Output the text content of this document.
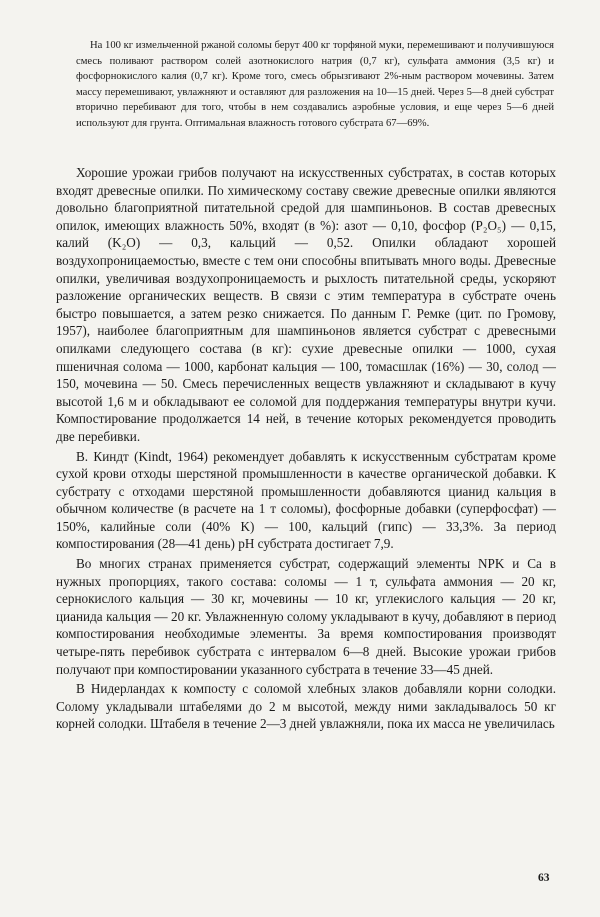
На 100 кг измельченной ржаной соломы берут 400 кг торфяной муки, перемешивают и получившуюся смесь поливают раствором солей азотнокислого натрия (0,7 кг), сульфата аммония (3,5 кг) и фосфорнокислого калия (0,7 кг). Кроме того, смесь обрызгивают 2%-ным раствором мочевины. Затем массу перемешивают, увлажняют и оставляют для разложения на 10—15 дней. Через 5—8 дней субстрат вторично перебивают для того, чтобы в нем создавались аэробные условия, и еще через 5—6 дней используют для грунта. Оптимальная влажность готового субстрата 67—69%.

Хорошие урожаи грибов получают на искусственных субстратах, в состав которых входят древесные опилки. По химическому составу свежие древесные опилки являются довольно благоприятной питательной средой для шампиньонов. В состав древесных опилок, имеющих влажность 50%, входят (в %): азот — 0,10, фосфор (P₂O₅) — 0,15, калий (K₂O) — 0,3, кальций — 0,52. Опилки обладают хорошей воздухопроницаемостью, вместе с тем они способны впитывать много воды. Древесные опилки, увеличивая воздухопроницаемость и рыхлость питательной среды, ускоряют разложение органических веществ. В связи с этим температура в субстрате очень быстро повышается, а затем резко снижается. По данным Г. Ремке (цит. по Громову, 1957), наиболее благоприятным для шампиньонов является субстрат с древесными опилками следующего состава (в кг): сухие древесные опилки — 1000, сухая пшеничная солома — 1000, карбонат кальция — 100, томасшлак (16%) — 30, солод — 150, мочевина — 50. Смесь перечисленных веществ увлажняют и складывают в кучу высотой 1,6 м и обкладывают ее соломой для поддержания температуры внутри кучи. Компостирование продолжается 14 ней, в течение которых рекомендуется проводить две перебивки.

В. Киндт (Kindt, 1964) рекомендует добавлять к искусственным субстратам кроме сухой крови отходы шерстяной промышленности в качестве органической добавки. К субстрату с отходами шерстяной промышленности добавляются цианид кальция в обычном количестве (в расчете на 1 т соломы), фосфорные добавки (суперфосфат) — 150%, калийные соли (40% K) — 100, кальций (гипс) — 33,3%. За период компостирования (28—41 день) pH субстрата достигает 7,9.

Во многих странах применяется субстрат, содержащий элементы NPK и Ca в нужных пропорциях, такого состава: соломы — 1 т, сульфата аммония — 20 кг, сернокислого кальция — 30 кг, мочевины — 10 кг, углекислого кальция — 20 кг, цианида кальция — 20 кг. Увлажненную солому укладывают в кучу, добавляют в период компостирования необходимые элементы. За время компостирования производят четыре-пять перебивок субстрата с интервалом 6—8 дней. Высокие урожаи грибов получают при компостировании указанного субстрата в течение 33—45 дней.

В Нидерландах к компосту с соломой хлебных злаков добавляли корни солодки. Солому укладывали штабелями до 2 м высотой, между ними закладывалось 50 кг корней солодки. Штабеля в течение 2—3 дней увлажняли, пока их масса не увеличилась

63
